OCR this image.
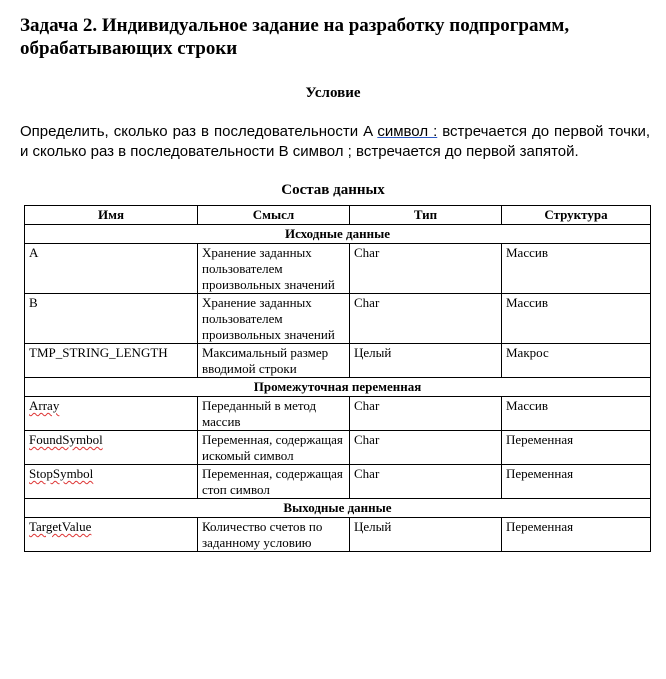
Задача 2. Индивидуальное задание на разработку подпрограмм, обрабатывающих строки
Условие
Определить, сколько раз в последовательности A символ : встречается до первой точки, и сколько раз в последовательности B символ ; встречается до первой запятой.
Состав данных
Имя	Смысл	Тип	Структура
Исходные данные			
A	Хранение заданных пользователем произвольных значений	Char	Массив
B	Хранение заданных пользователем произвольных значений	Char	Массив
TMP_STRING_LENGTH	Максимальный размер вводимой строки	Целый	Макрос
Промежуточная переменная			
Array	Переданный в метод массив	Char	Массив
FoundSymbol	Переменная, содержащая искомый символ	Char	Переменная
StopSymbol	Переменная, содержащая стоп символ	Char	Переменная
Выходные данные			
TargetValue	Количество счетов по заданному условию	Целый	Переменная
